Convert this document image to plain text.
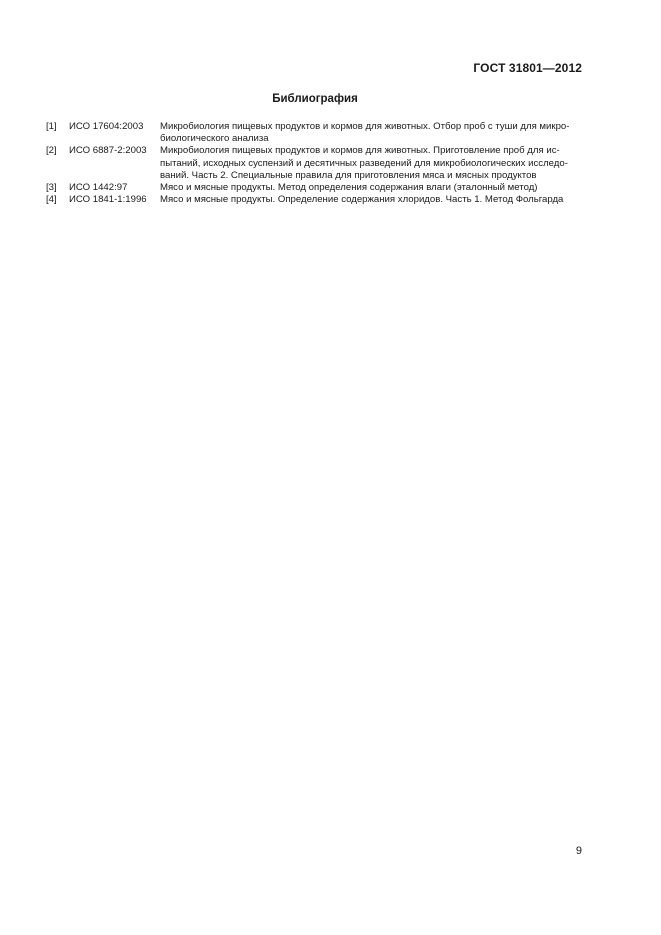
ГОСТ 31801—2012
Библиография
[1]	ИСО 17604:2003	Микробиология пищевых продуктов и кормов для животных. Отбор проб с туши для микро-
биологического анализа
[2]	ИСО 6887-2:2003	Микробиология пищевых продуктов и кормов для животных. Приготовление проб для ис-
пытаний, исходных суспензий и десятичных разведений для микробиологических исследо-
ваний. Часть 2. Специальные правила для приготовления мяса и мясных продуктов
[3]	ИСО 1442:97	Мясо и мясные продукты. Метод определения содержания влаги (эталонный метод)
[4]	ИСО 1841-1:1996	Мясо и мясные продукты. Определение содержания хлоридов. Часть 1. Метод Фольгарда
9
